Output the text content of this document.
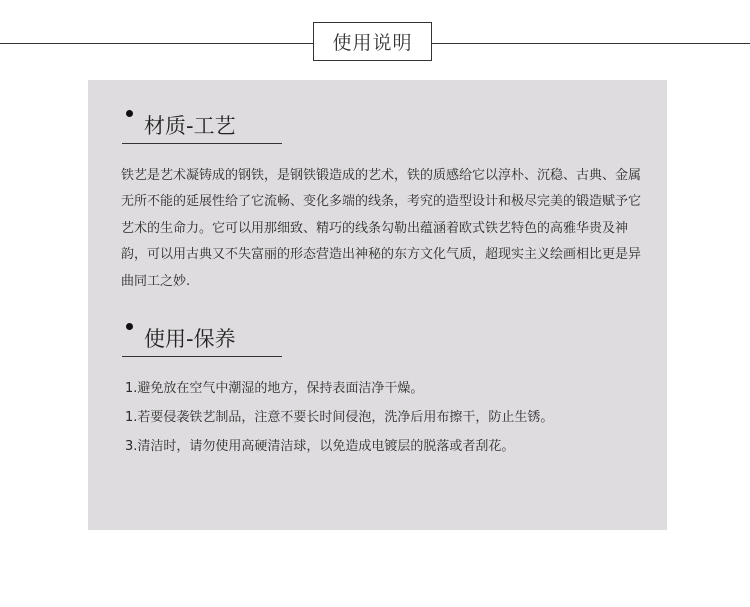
使用说明
材质-工艺

铁艺是艺术凝铸成的钢铁，是钢铁锻造成的艺术，铁的质感给它以淳朴、沉稳、古典、金属无所不能的延展性给了它流畅、变化多端的线条，考究的造型设计和极尽完美的锻造赋予它艺术的生命力。它可以用那细致、精巧的线条勾勒出蕴涵着欧式铁艺特色的高雅华贵及神韵，可以用古典又不失富丽的形态营造出神秘的东方文化气质，超现实主义绘画相比更是异曲同工之妙.

使用-保养
1.避免放在空气中潮湿的地方，保持表面洁净干燥。
1.若要侵袭铁艺制品，注意不要长时间侵泡，洗净后用布擦干，防止生锈。
3.清洁时，请勿使用高硬清洁球，以免造成电镀层的脱落或者刮花。
